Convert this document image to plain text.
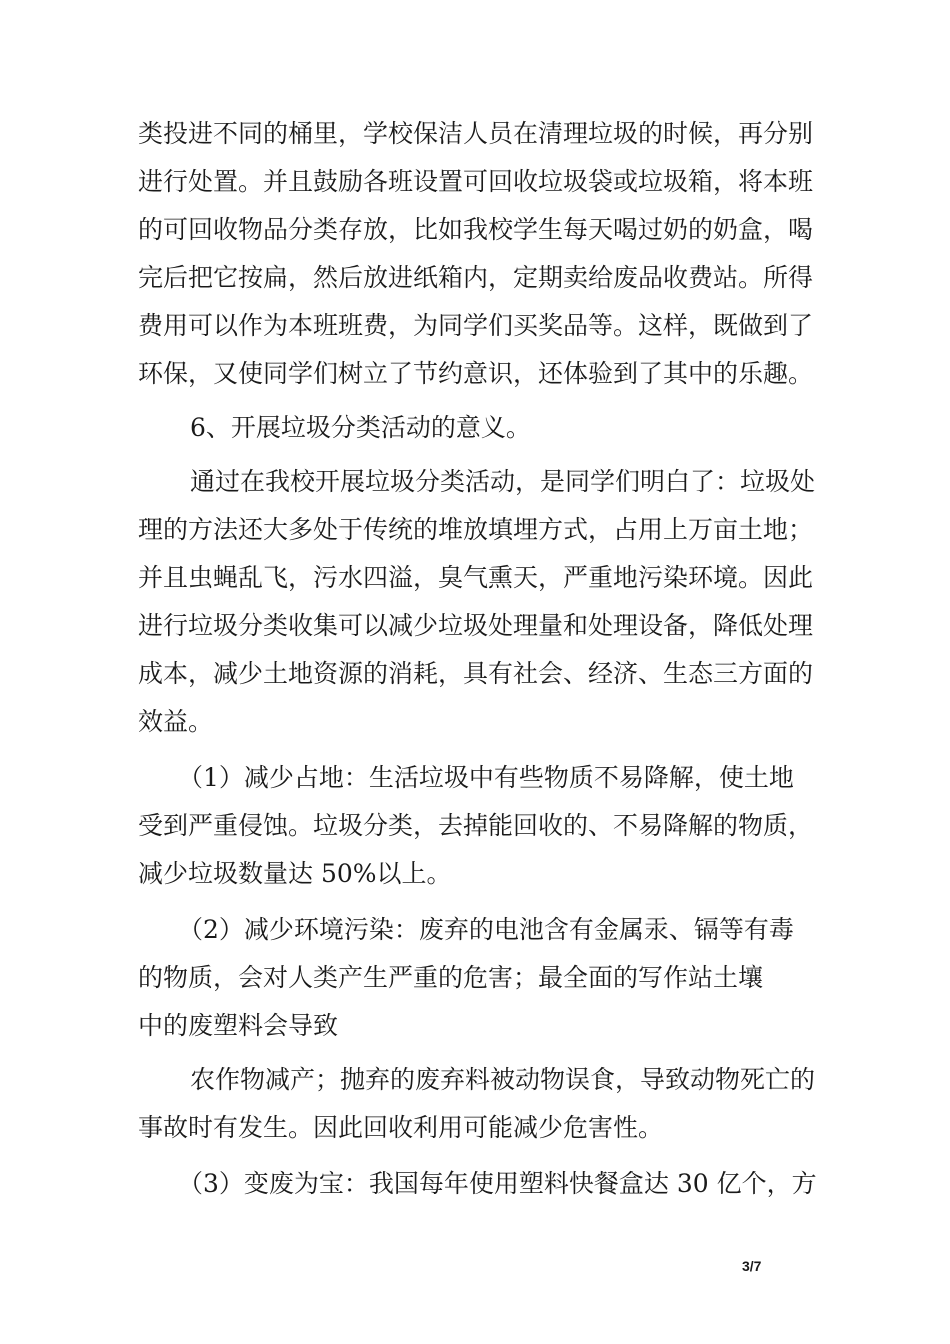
类投进不同的桶里，学校保洁人员在清理垃圾的时候，再分别
进行处置。并且鼓励各班设置可回收垃圾袋或垃圾箱，将本班
的可回收物品分类存放，比如我校学生每天喝过奶的奶盒，喝
完后把它按扁，然后放进纸箱内，定期卖给废品收费站。所得
费用可以作为本班班费，为同学们买奖品等。这样，既做到了
环保，又使同学们树立了节约意识，还体验到了其中的乐趣。
6、开展垃圾分类活动的意义。
通过在我校开展垃圾分类活动，是同学们明白了：垃圾处
理的方法还大多处于传统的堆放填埋方式，占用上万亩土地；
并且虫蝇乱飞，污水四溢，臭气熏天，严重地污染环境。因此
进行垃圾分类收集可以减少垃圾处理量和处理设备，降低处理
成本，减少土地资源的消耗，具有社会、经济、生态三方面的
效益。
（1）减少占地：生活垃圾中有些物质不易降解，使土地
受到严重侵蚀。垃圾分类，去掉能回收的、不易降解的物质，
减少垃圾数量达 50%以上。
（2）减少环境污染：废弃的电池含有金属汞、镉等有毒
的物质，会对人类产生严重的危害；最全面的写作站土壤
中的废塑料会导致
农作物减产；抛弃的废弃料被动物误食，导致动物死亡的
事故时有发生。因此回收利用可能减少危害性。
（3）变废为宝：我国每年使用塑料快餐盒达 30 亿个，方
3/7
